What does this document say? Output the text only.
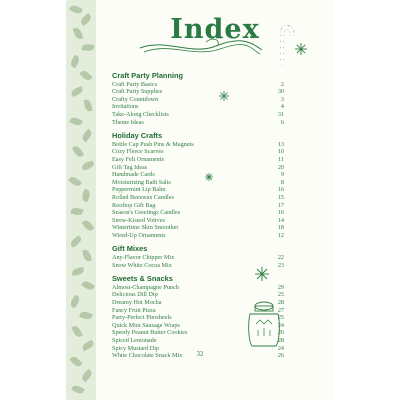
Index
Craft Party Planning
Craft Party Basics	2
Craft Party Supplies	30
Crafty Countdown	3
Invitations	4
Take-Along Checklists	31
Theme Ideas	6
Holiday Crafts
Bottle Cap Push Pins & Magnets	13
Cozy Fleece Scarves	10
Easy Felt Ornaments	11
Gift Tag Ideas	20
Handmade Cards	9
Moisturizing Bath Salts	8
Peppermint Lip Balm	16
Rolled Beeswax Candles	15
Rooftop Gift Bag	17
Season's Greetings Candles	16
Snow-Kissed Votives	14
Wintertime Skin Smoother	18
Wired-Up Ornaments	12
Gift Mixes
Any-Flavor Chipper Mix	22
Snow White Cocoa Mix	23
Sweets & Snacks
Almost-Champagne Punch	29
Delicious Dill Dip	25
Dreamy Hot Mocha	28
Fancy Fruit Pizza	27
Party-Perfect Pinwheels	25
Quick Mini Sausage Wraps	24
Speedy Peanut Butter Cookies	26
Spiced Lemonade	28
Spicy Mustard Dip	24
White Chocolate Snack Mix	26
32
